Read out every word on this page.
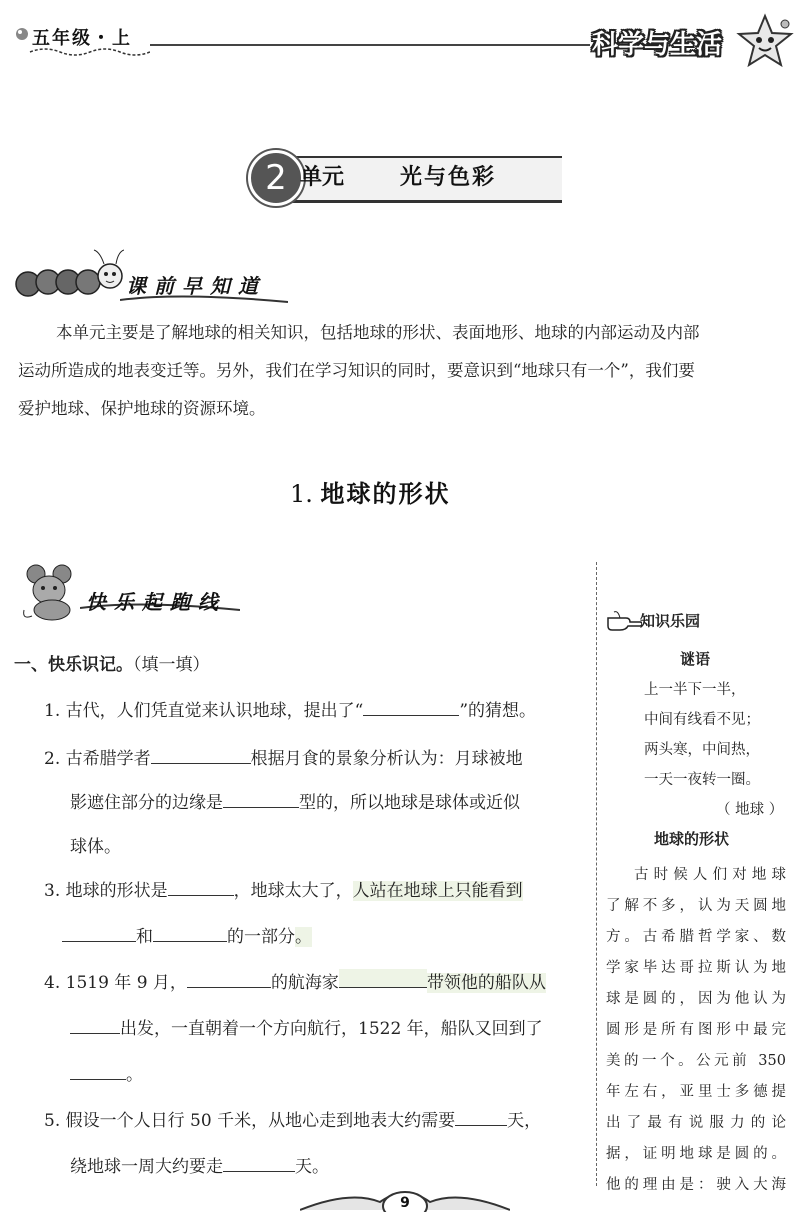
五年级・上	科学与生活
2 单元	光与色彩
课前早知道
本单元主要是了解地球的相关知识，包括地球的形状、表面地形、地球的内部运动及内部
运动所造成的地表变迁等。另外，我们在学习知识的同时，要意识到“地球只有一个”，我们要
爱护地球、保护地球的资源环境。
1. 地球的形状
快乐起跑线
一、快乐识记。（填一填）
1. 古代，人们凭直觉来认识地球，提出了“	”的猜想。
2. 古希腊学者	根据月食的景象分析认为：月球被地
影遮住部分的边缘是	型的，所以地球是球体或近似
球体。
3. 地球的形状是	，地球太大了，人站在地球上只能看到
和	的一部分。
4. 1519 年 9 月，	的航海家	带领他的船队从
出发，一直朝着一个方向航行，1522 年，船队又回到了
。
5. 假设一个人日行 50 千米，从地心走到地表大约需要	天，
绕地球一周大约要走	天。
知识乐园
谜语
上一半下一半，
中间有线看不见；
两头寒，中间热，
一天一夜转一圈。
（ 地球 ）
地球的形状
古时候人们对地球
了解不多，认为天圆地
方。古希腊哲学家、数
学家毕达哥拉斯认为地
球是圆的，因为他认为
圆形是所有图形中最完
美的一个。公元前 350
年左右，亚里士多德提
出了最有说服力的论
据，证明地球是圆的。
他的理由是：驶入大海
9
